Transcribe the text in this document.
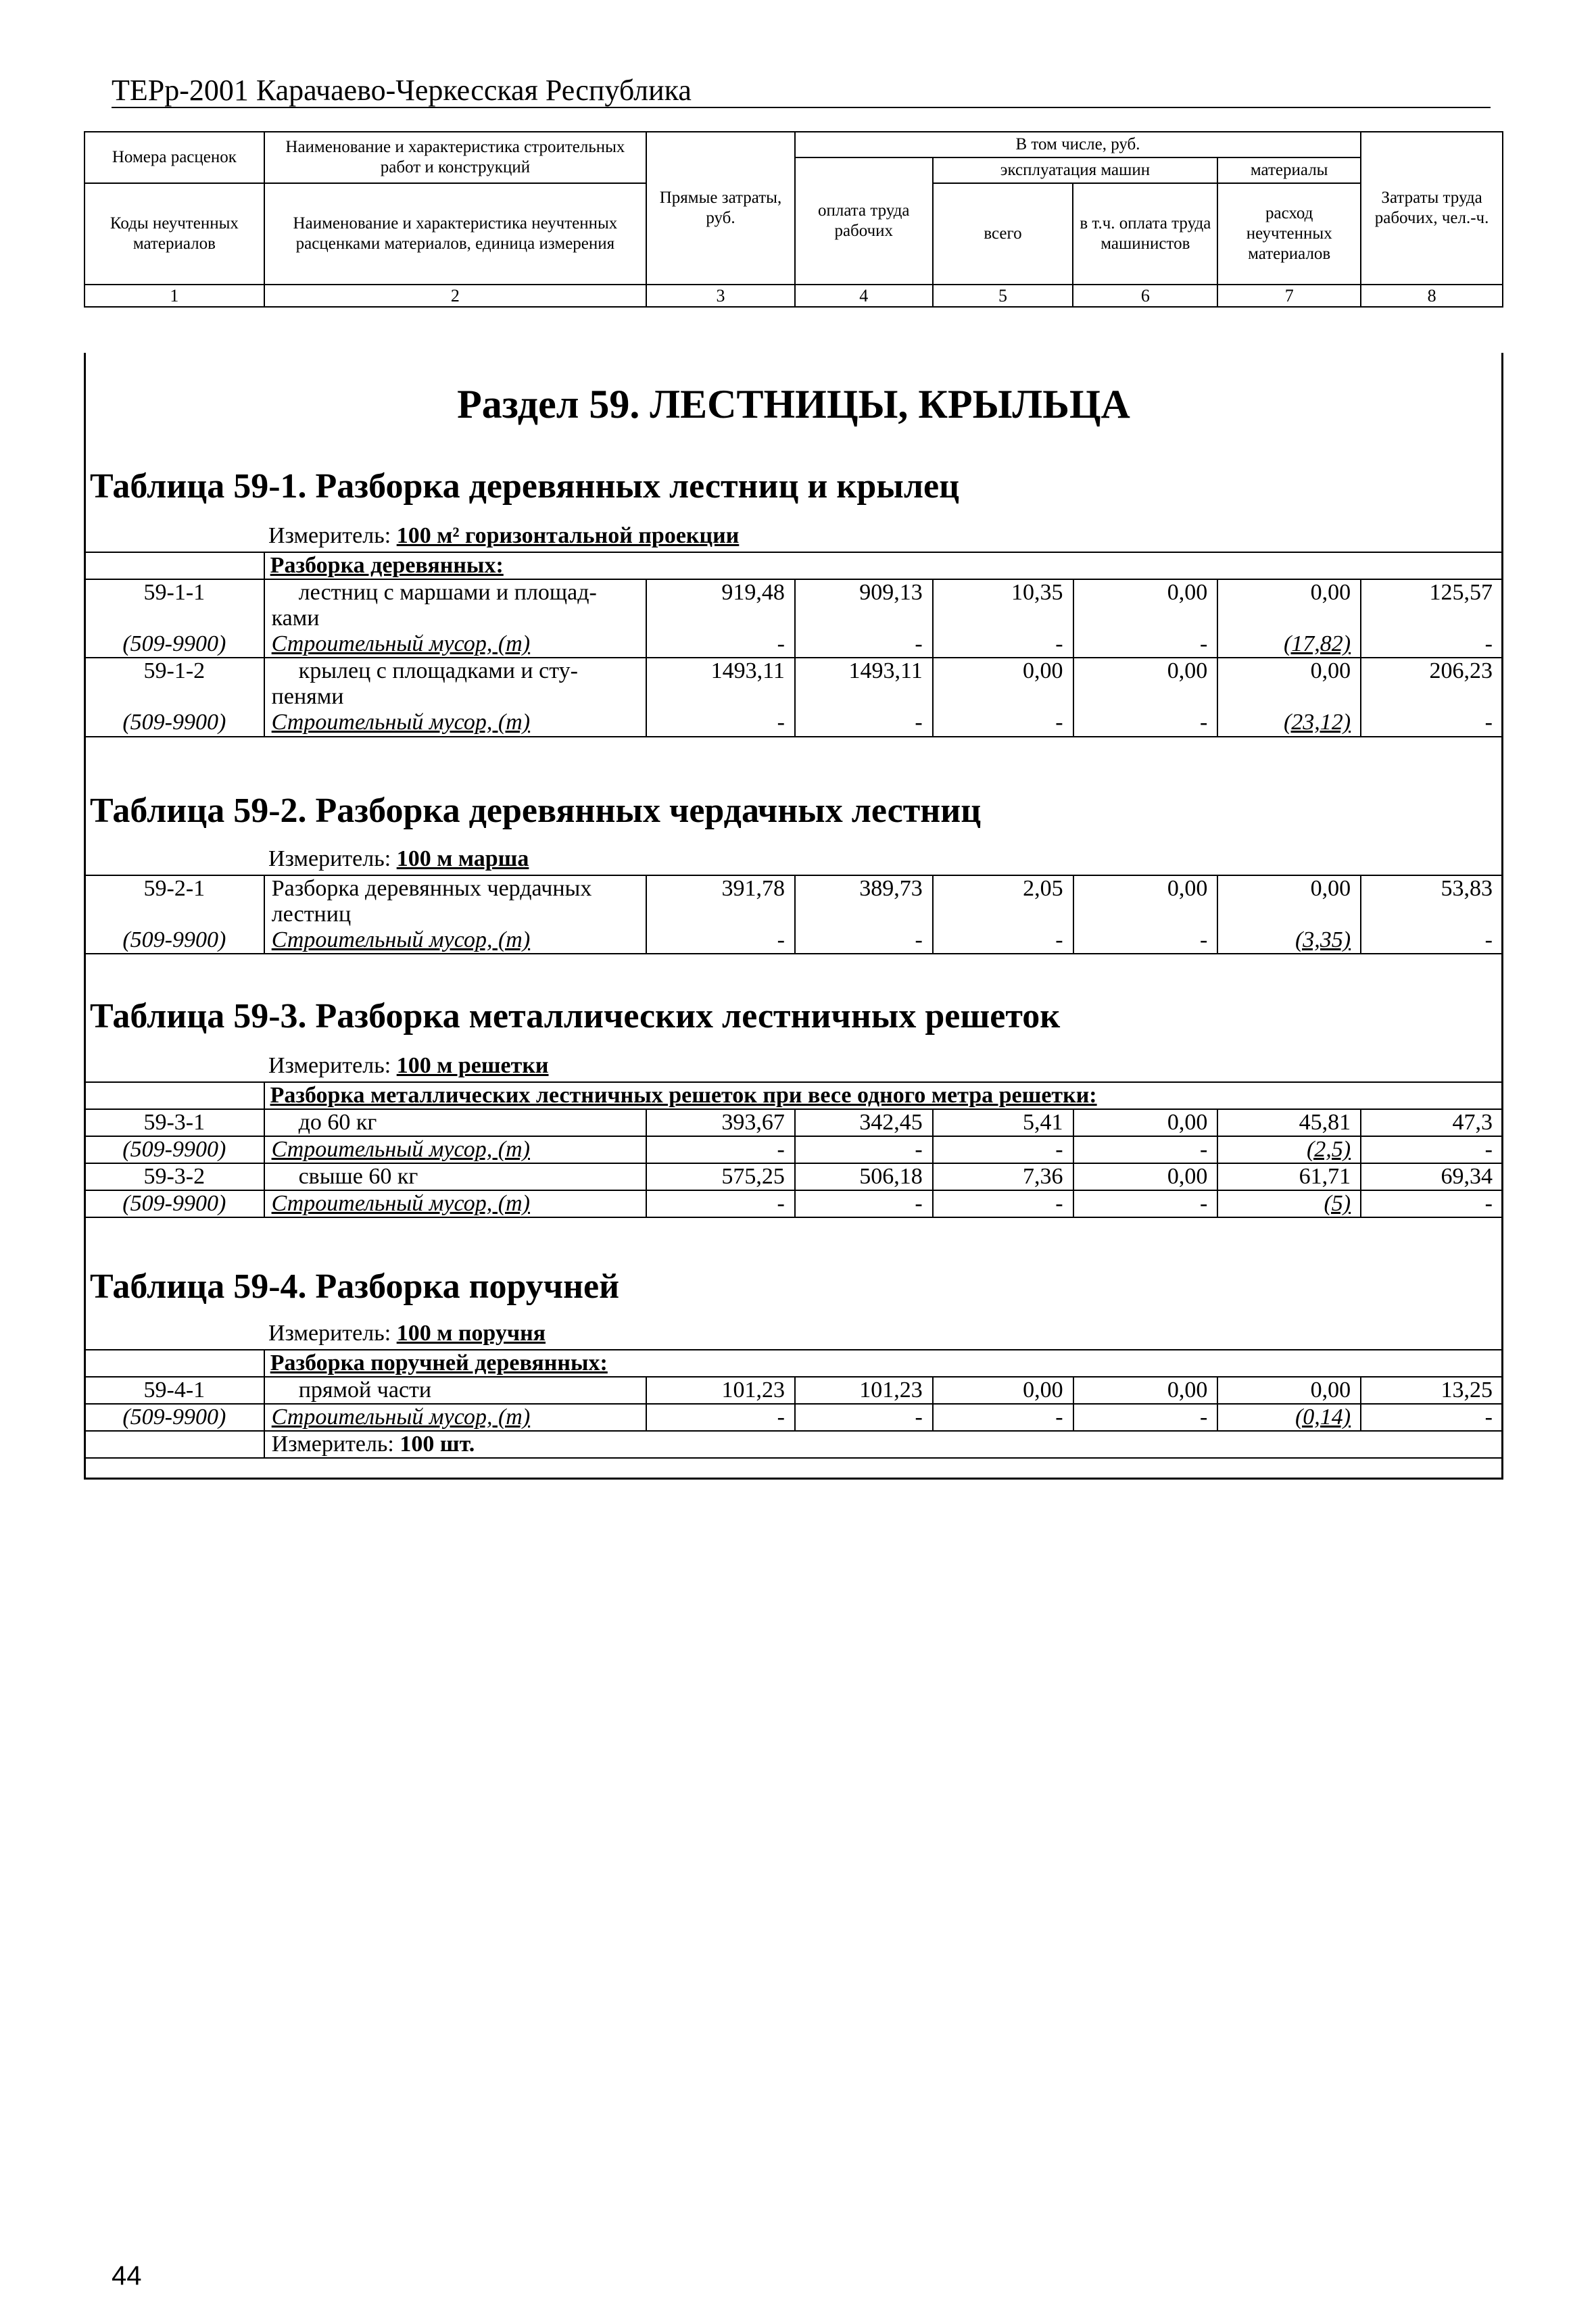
ТЕРр-2001 Карачаево-Черкесская Республика
Номера расценок	Наименование и характеристика строительных работ и конструкций	Прямые затраты, руб.	В том числе, руб.				Затраты труда рабочих, чел.-ч.
			оплата труда рабочих	эксплуатация машин		материалы	
Коды неучтенных материалов	Наименование и характеристика неучтенных расценками материалов, единица измерения			всего	в т.ч. оплата труда машинистов	расход неучтенных материалов	

1	2	3	4	5	6	7	8
Раздел 59. ЛЕСТНИЦЫ, КРЫЛЬЦА
Таблица 59-1. Разборка деревянных лестниц и крылец
Измеритель: 100 м² горизонтальной проекции
	Разборка деревянных:						
59-1-1	лестниц с маршами и площад-	919,48	909,13	10,35	0,00	0,00	125,57
	ками						
(509-9900)	Строительный мусор, (т)	-	-	-	-	(17,82)	-
59-1-2	крылец с площадками и сту-	1493,11	1493,11	0,00	0,00	0,00	206,23
	пенями						
(509-9900)	Строительный мусор, (т)	-	-	-	-	(23,12)	-
Таблица 59-2. Разборка деревянных чердачных лестниц
Измеритель: 100 м марша
59-2-1	Разборка деревянных чердачных	391,78	389,73	2,05	0,00	0,00	53,83
	лестниц						
(509-9900)	Строительный мусор, (т)	-	-	-	-	(3,35)	-
Таблица 59-3. Разборка металлических лестничных решеток
Измеритель: 100 м решетки
	Разборка металлических лестничных решеток при весе одного метра решетки:						
59-3-1	до 60 кг	393,67	342,45	5,41	0,00	45,81	47,3
(509-9900)	Строительный мусор, (т)	-	-	-	-	(2,5)	-
59-3-2	свыше 60 кг	575,25	506,18	7,36	0,00	61,71	69,34
(509-9900)	Строительный мусор, (т)	-	-	-	-	(5)	-
Таблица 59-4. Разборка поручней
Измеритель: 100 м поручня
	Разборка поручней деревянных:						
59-4-1	прямой части	101,23	101,23	0,00	0,00	0,00	13,25
(509-9900)	Строительный мусор, (т)	-	-	-	-	(0,14)	-
	Измеритель: 100 шт.						
44
